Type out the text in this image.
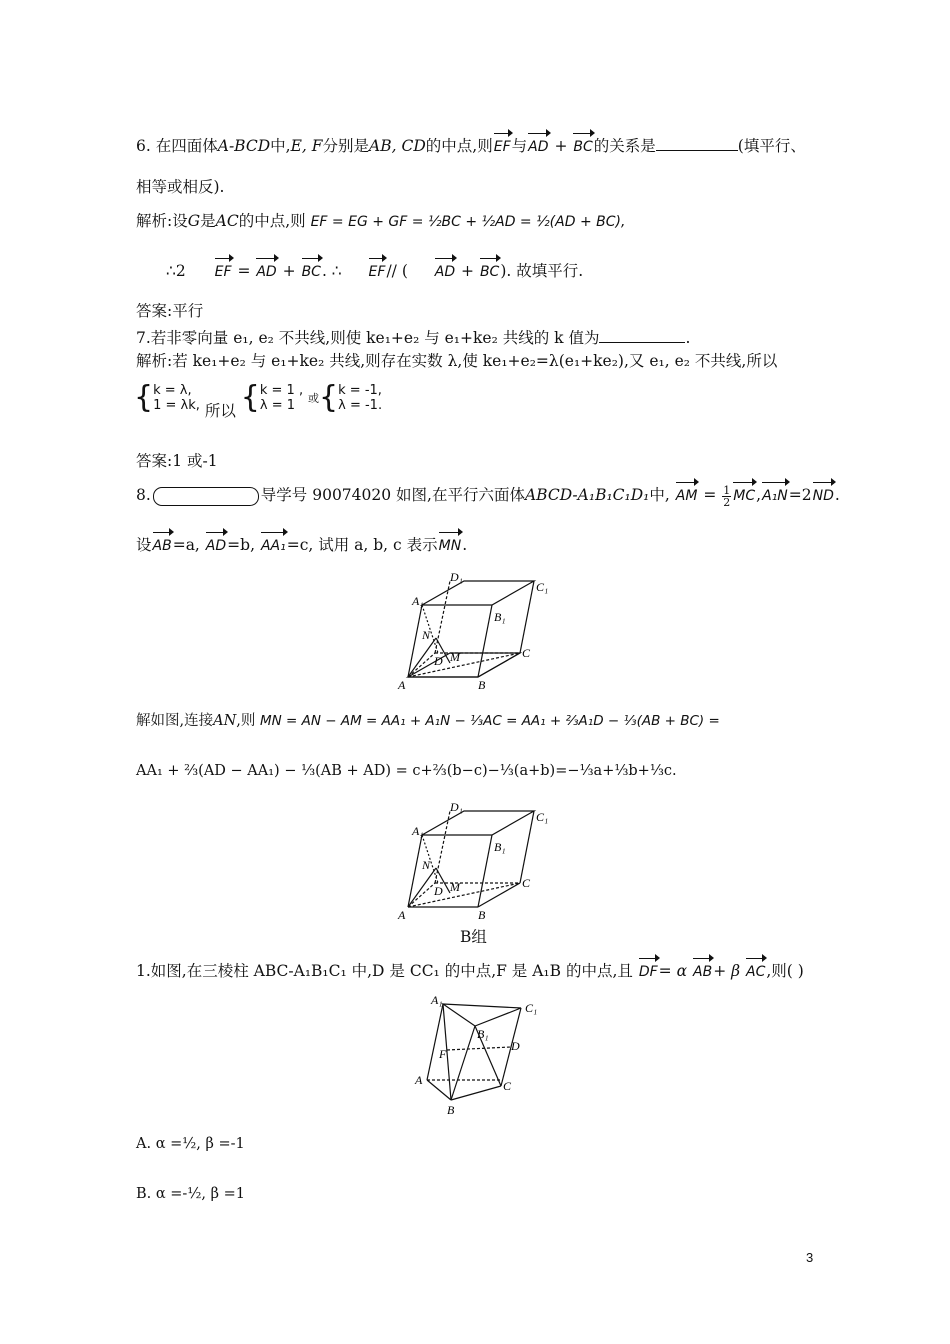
6. 在四面体A-BCD中,E, F分别是AB, CD的中点,则EF与AD + BC的关系是	(填平行、
相等或相反).
解析:设G是AC的中点,则 EF = EG + GF = ½BC + ½AD = ½(AD + BC),
∴2 EF = AD + BC. ∴ EF// ( AD + BC). 故填平行.
答案:平行
7.若非零向量 e₁, e₂ 不共线,则使 ke₁+e₂ 与 e₁+ke₂ 共线的 k 值为	.
解析:若 ke₁+e₂ 与 e₁+ke₂ 共线,则存在实数 λ,使 ke₁+e₂=λ(e₁+ke₂),又 e₁, e₂ 不共线,所以
{ k = λ,
1 = λk, 所以 { k = 1 ,
λ = 1	或{ k = -1,
λ = -1.
答案:1 或-1
8.	导学号 90074020 如图,在平行六面体ABCD-A₁B₁C₁D₁中, AM = $\frac{1}{2} MC,A_1N=2ND$.
设AB=a, AD=b, AA₁=c, 试用 a, b, c 表示MN.
A	B
C
D
A₁
B₁
C₁
D₁
M
N
解如图,连接AN,则 MN = AN − AM = AA₁ + A₁N − ⅓AC = AA₁ + ⅔A₁D − ⅓(AB + BC) =
AA₁ + ⅔(AD − AA₁) − ⅓(AB + AD) = c+⅔(b−c)−⅓(a+b)=−⅓a+⅓b+⅓c.
A	B
C
D
A₁
B₁
C₁
D₁
M
N
B组
1.如图,在三棱柱 ABC-A₁B₁C₁ 中,D 是 CC₁ 的中点,F 是 A₁B 的中点,且 DF= α AB+ β AC,则( )
A₁
C₁
B₁
D
F
A	C
B
A. α =½, β =-1
B. α =-½, β =1
3
